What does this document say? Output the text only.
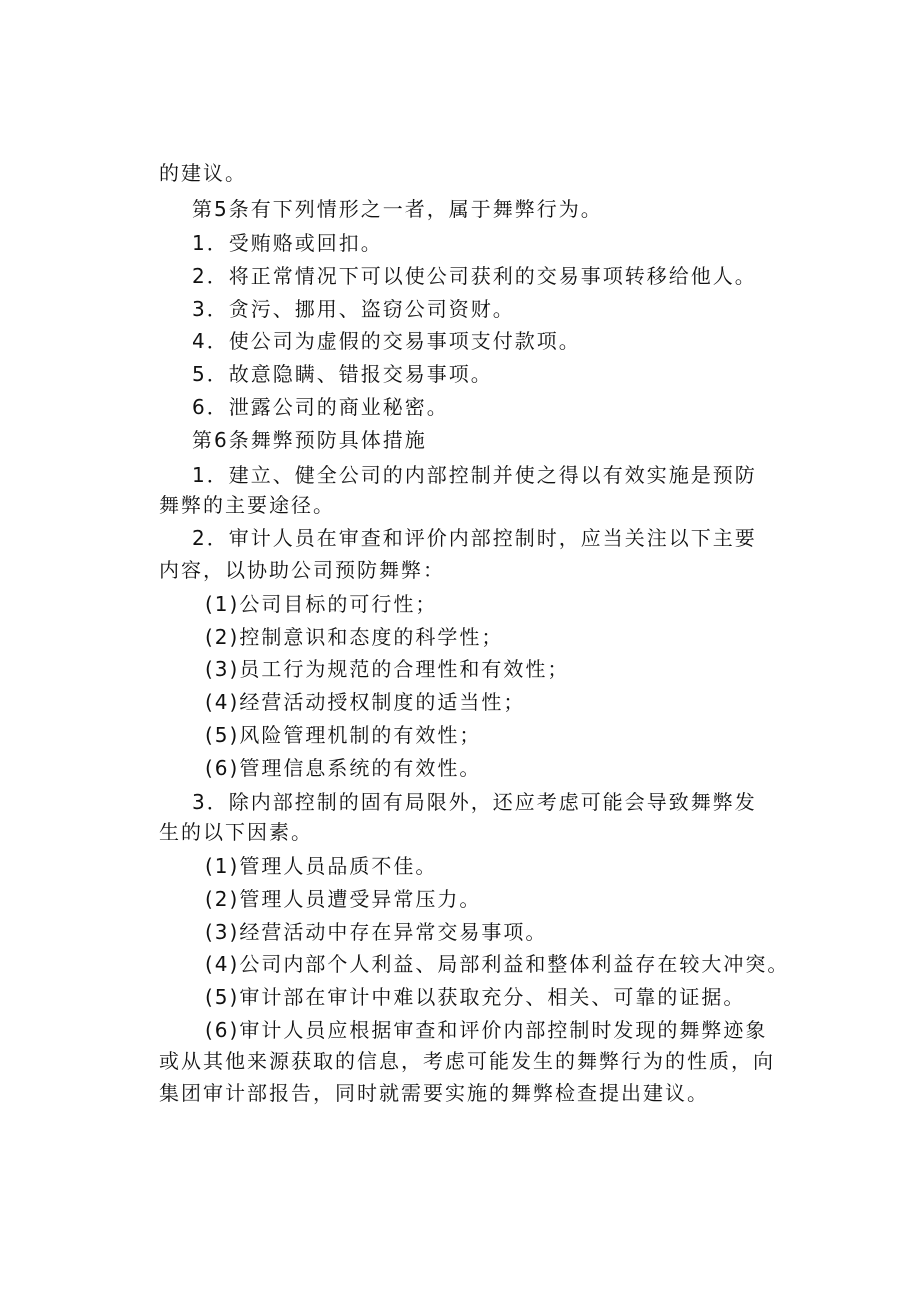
的建议。
第5条有下列情形之一者，属于舞弊行为。
1．受贿赂或回扣。
2．将正常情况下可以使公司获利的交易事项转移给他人。
3．贪污、挪用、盗窃公司资财。
4．使公司为虚假的交易事项支付款项。
5．故意隐瞒、错报交易事项。
6．泄露公司的商业秘密。
第6条舞弊预防具体措施
1．建立、健全公司的内部控制并使之得以有效实施是预防
舞弊的主要途径。
2．审计人员在审查和评价内部控制时，应当关注以下主要
内容，以协助公司预防舞弊：
(1)公司目标的可行性；
(2)控制意识和态度的科学性；
(3)员工行为规范的合理性和有效性；
(4)经营活动授权制度的适当性；
(5)风险管理机制的有效性；
(6)管理信息系统的有效性。
3．除内部控制的固有局限外，还应考虑可能会导致舞弊发
生的以下因素。
(1)管理人员品质不佳。
(2)管理人员遭受异常压力。
(3)经营活动中存在异常交易事项。
(4)公司内部个人利益、局部利益和整体利益存在较大冲突。
(5)审计部在审计中难以获取充分、相关、可靠的证据。
(6)审计人员应根据审查和评价内部控制时发现的舞弊迹象
或从其他来源获取的信息，考虑可能发生的舞弊行为的性质，向
集团审计部报告，同时就需要实施的舞弊检查提出建议。
